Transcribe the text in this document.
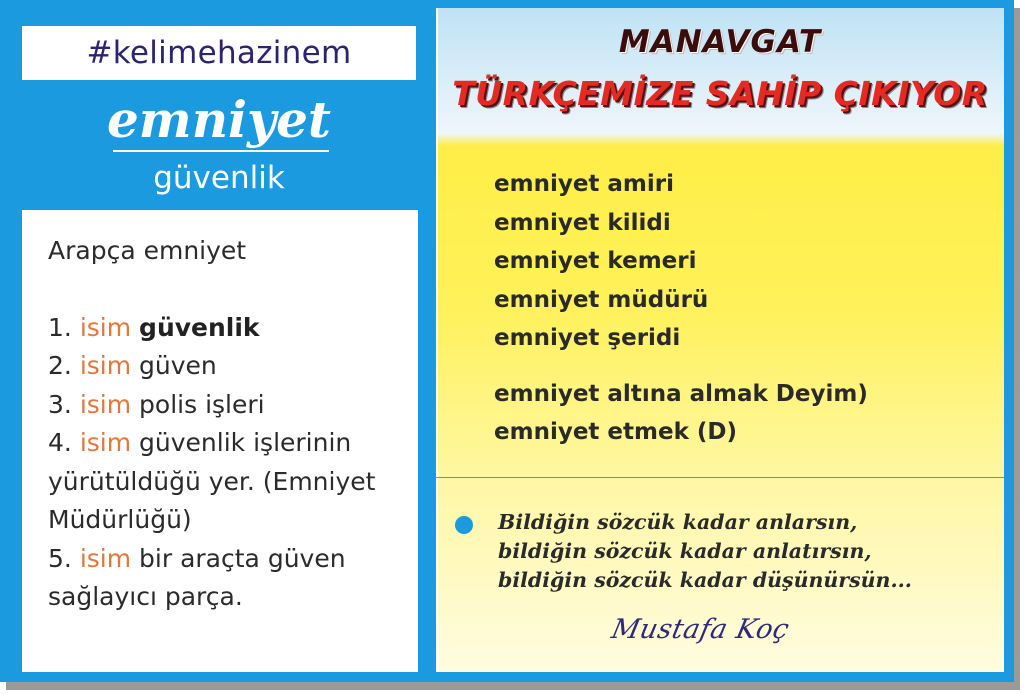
#kelimehazinem
emniyet
güvenlik
Arapça emniyet
1. isim güvenlik
2. isim güven
3. isim polis işleri
4. isim güvenlik işlerinin
yürütüldüğü yer. (Emniyet
Müdürlüğü)
5. isim bir araçta güven
sağlayıcı parça.
MANAVGAT
TÜRKÇEMİZE SAHİP ÇIKIYOR
emniyet amiri
emniyet kilidi
emniyet kemeri
emniyet müdürü
emniyet şeridi
emniyet altına almak Deyim)
emniyet etmek (D)
Bildiğin sözcük kadar anlarsın,
bildiğin sözcük kadar anlatırsın,
bildiğin sözcük kadar düşünürsün...
Mustafa Koç
